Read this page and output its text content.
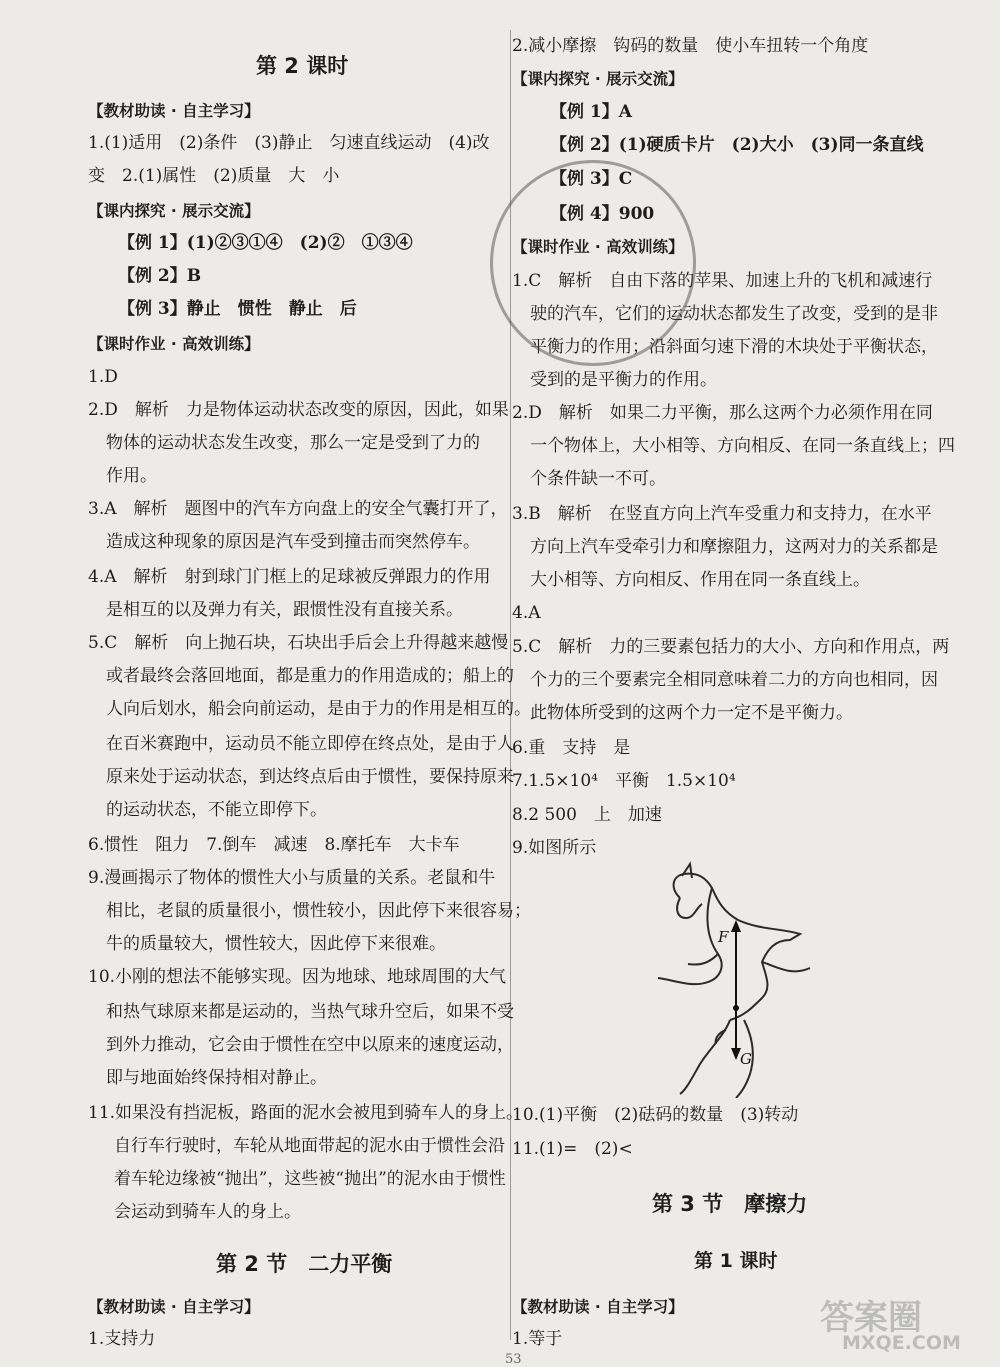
第 2 课时
【教材助读 · 自主学习】
1.(1)适用　(2)条件　(3)静止　匀速直线运动　(4)改
变　2.(1)属性　(2)质量　大　小
【课内探究 · 展示交流】
【例 1】(1)②③①④　(2)②　①③④
【例 2】B
【例 3】静止　惯性　静止　后
【课时作业 · 高效训练】
1.D
2.D　解析　力是物体运动状态改变的原因，因此，如果
物体的运动状态发生改变，那么一定是受到了力的
作用。
3.A　解析　题图中的汽车方向盘上的安全气囊打开了，
造成这种现象的原因是汽车受到撞击而突然停车。
4.A　解析　射到球门门框上的足球被反弹跟力的作用
是相互的以及弹力有关，跟惯性没有直接关系。
5.C　解析　向上抛石块，石块出手后会上升得越来越慢
或者最终会落回地面，都是重力的作用造成的；船上的
人向后划水，船会向前运动，是由于力的作用是相互的。
在百米赛跑中，运动员不能立即停在终点处，是由于人
原来处于运动状态，到达终点后由于惯性，要保持原来
的运动状态，不能立即停下。
6.惯性　阻力　7.倒车　减速　8.摩托车　大卡车
9.漫画揭示了物体的惯性大小与质量的关系。老鼠和牛
相比，老鼠的质量很小，惯性较小，因此停下来很容易；
牛的质量较大，惯性较大，因此停下来很难。
10.小刚的想法不能够实现。因为地球、地球周围的大气
和热气球原来都是运动的，当热气球升空后，如果不受
到外力推动，它会由于惯性在空中以原来的速度运动，
即与地面始终保持相对静止。
11.如果没有挡泥板，路面的泥水会被甩到骑车人的身上。
自行车行驶时，车轮从地面带起的泥水由于惯性会沿
着车轮边缘被“抛出”，这些被“抛出”的泥水由于惯性
会运动到骑车人的身上。
第 2 节　二力平衡
【教材助读 · 自主学习】
1.支持力
2.减小摩擦　钩码的数量　使小车扭转一个角度
【课内探究 · 展示交流】
【例 1】A
【例 2】(1)硬质卡片　(2)大小　(3)同一条直线
【例 3】C
【例 4】900
【课时作业 · 高效训练】
1.C　解析　自由下落的苹果、加速上升的飞机和减速行
驶的汽车，它们的运动状态都发生了改变，受到的是非
平衡力的作用；沿斜面匀速下滑的木块处于平衡状态，
受到的是平衡力的作用。
2.D　解析　如果二力平衡，那么这两个力必须作用在同
一个物体上，大小相等、方向相反、在同一条直线上；四
个条件缺一不可。
3.B　解析　在竖直方向上汽车受重力和支持力，在水平
方向上汽车受牵引力和摩擦阻力，这两对力的关系都是
大小相等、方向相反、作用在同一条直线上。
4.A
5.C　解析　力的三要素包括力的大小、方向和作用点，两
个力的三个要素完全相同意味着二力的方向也相同，因
此物体所受到的这两个力一定不是平衡力。
6.重　支持　是
7.1.5×10⁴　平衡　1.5×10⁴
8.2 500　上　加速
9.如图所示
10.(1)平衡　(2)砝码的数量　(3)转动
11.(1)=　(2)<
第 3 节　摩擦力
第 1 课时
【教材助读 · 自主学习】
1.等于
F
G
答案圈
MXQE.COM
53
